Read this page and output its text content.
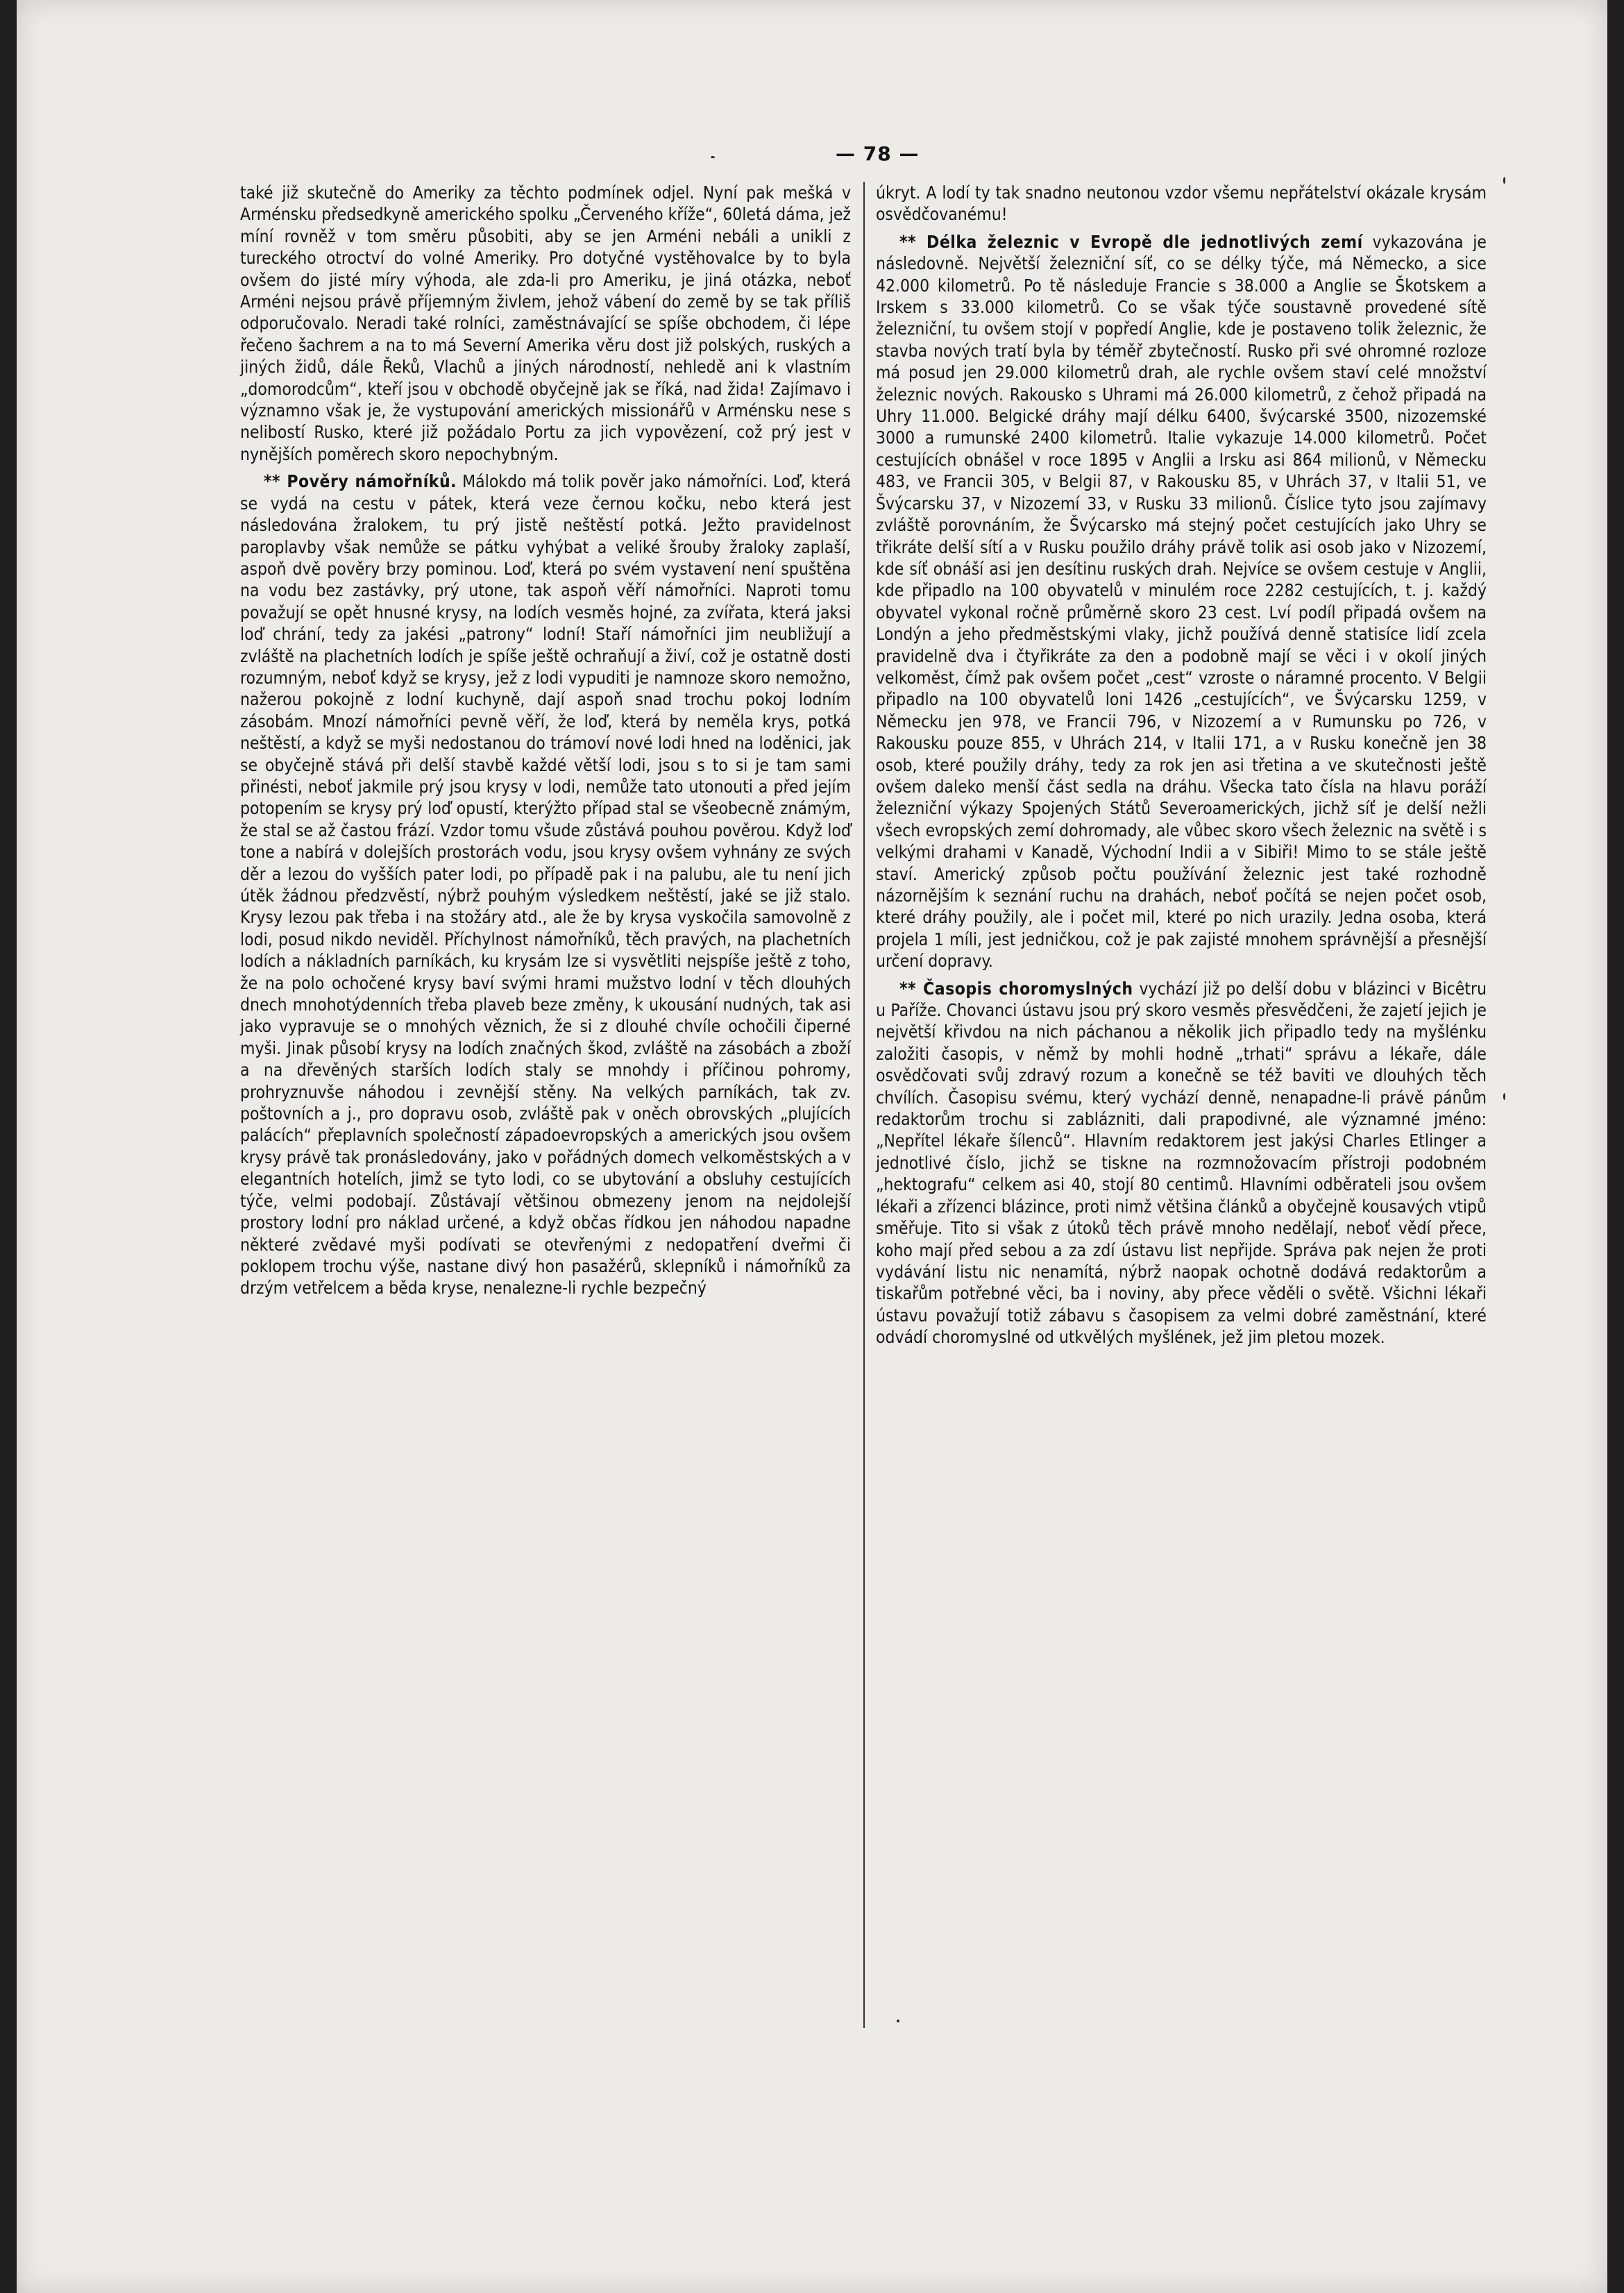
— 78 —

také již skutečně do Ameriky za těchto podmínek odjel. Nyní pak mešká v Arménsku předsedkyně amerického spolku „Červeného kříže“, 60letá dáma, jež míní rovněž v tom směru působiti, aby se jen Arméni nebáli a unikli z tureckého otroctví do volné Ameriky. Pro dotyčné vystěhovalce by to byla ovšem do jisté míry výhoda, ale zda-li pro Ameriku, je jiná otázka, neboť Arméni nejsou právě příjemným živlem, jehož vábení do země by se tak příliš odporučovalo. Neradi také rolníci, zaměstnávající se spíše obchodem, či lépe řečeno šachrem a na to má Severní Amerika věru dost již polských, ruských a jiných židů, dále Řeků, Vlachů a jiných národností, nehledě ani k vlastním „domorodcům“, kteří jsou v obchodě obyčejně jak se říká, nad žida! Zajímavo i významno však je, že vystupování amerických missionářů v Arménsku nese s nelibostí Rusko, které již požádalo Portu za jich vypovězení, což prý jest v nynějších poměrech skoro nepochybným.

** Pověry námořníků. Málokdo má tolik pověr jako námořníci. Loď, která se vydá na cestu v pátek, která veze černou kočku, nebo která jest následována žralokem, tu prý jistě neštěstí potká. Ježto pravidelnost paroplavby však nemůže se pátku vyhýbat a veliké šrouby žraloky zaplaší, aspoň dvě pověry brzy pominou. Loď, která po svém vystavení není spuštěna na vodu bez zastávky, prý utone, tak aspoň věří námořníci. Naproti tomu považují se opět hnusné krysy, na lodích vesměs hojné, za zvířata, která jaksi loď chrání, tedy za jakési „patrony“ lodní! Staří námořníci jim neubližují a zvláště na plachetních lodích je spíše ještě ochraňují a živí, což je ostatně dosti rozumným, neboť když se krysy, jež z lodi vypuditi je namnoze skoro nemožno, nažerou pokojně z lodní kuchyně, dají aspoň snad trochu pokoj lodním zásobám. Mnozí námořníci pevně věří, že loď, která by neměla krys, potká neštěstí, a když se myši nedostanou do trámoví nové lodi hned na loděnici, jak se obyčejně stává při delší stavbě každé větší lodi, jsou s to si je tam sami přinésti, neboť jakmile prý jsou krysy v lodi, nemůže tato utonouti a před jejím potopením se krysy prý loď opustí, kterýžto případ stal se všeobecně známým, že stal se až častou frází. Vzdor tomu všude zůstává pouhou pověrou. Když loď tone a nabírá v dolejších prostorách vodu, jsou krysy ovšem vyhnány ze svých děr a lezou do vyšších pater lodi, po případě pak i na palubu, ale tu není jich útěk žádnou předzvěstí, nýbrž pouhým výsledkem neštěstí, jaké se již stalo. Krysy lezou pak třeba i na stožáry atd., ale že by krysa vyskočila samovolně z lodi, posud nikdo neviděl. Příchylnost námořníků, těch pravých, na plachetních lodích a nákladních parníkách, ku krysám lze si vysvětliti nejspíše ještě z toho, že na polo ochočené krysy baví svými hrami mužstvo lodní v těch dlouhých dnech mnohotýdenních třeba plaveb beze změny, k ukousání nudných, tak asi jako vypravuje se o mnohých věznich, že si z dlouhé chvíle ochočili čiperné myši. Jinak působí krysy na lodích značných škod, zvláště na zásobách a zboží a na dřevěných starších lodích staly se mnohdy i příčinou pohromy, prohryznuvše náhodou i zevnější stěny. Na velkých parníkách, tak zv. poštovních a j., pro dopravu osob, zvláště pak v oněch obrovských „plujících palácích“ přeplavních společností západoevropských a amerických jsou ovšem krysy právě tak pronásledovány, jako v pořádných domech velkoměstských a v elegantních hotelích, jimž se tyto lodi, co se ubytování a obsluhy cestujících týče, velmi podobají. Zůstávají většinou obmezeny jenom na nejdolejší prostory lodní pro náklad určené, a když občas řídkou jen náhodou napadne některé zvědavé myši podívati se otevřenými z nedopatření dveřmi či poklopem trochu výše, nastane divý hon pasažérů, sklepníků i námořníků za drzým vetřelcem a běda kryse, nenalezne-li rychle bezpečný

úkryt. A lodí ty tak snadno neutonou vzdor všemu nepřátelství okázale krysám osvědčovanému!

** Délka železnic v Evropě dle jednotlivých zemí vykazována je následovně. Největší železniční síť, co se délky týče, má Německo, a sice 42.000 kilometrů. Po tě následuje Francie s 38.000 a Anglie se Škotskem a Irskem s 33.000 kilometrů. Co se však týče soustavně provedené sítě železniční, tu ovšem stojí v popředí Anglie, kde je postaveno tolik železnic, že stavba nových tratí byla by téměř zbytečností. Rusko při své ohromné rozloze má posud jen 29.000 kilometrů drah, ale rychle ovšem staví celé množství železnic nových. Rakousko s Uhrami má 26.000 kilometrů, z čehož připadá na Uhry 11.000. Belgické dráhy mají délku 6400, švýcarské 3500, nizozemské 3000 a rumunské 2400 kilometrů. Italie vykazuje 14.000 kilometrů. Počet cestujících obnášel v roce 1895 v Anglii a Irsku asi 864 milionů, v Německu 483, ve Francii 305, v Belgii 87, v Rakousku 85, v Uhrách 37, v Italii 51, ve Švýcarsku 37, v Nizozemí 33, v Rusku 33 milionů. Číslice tyto jsou zajímavy zvláště porovnáním, že Švýcarsko má stejný počet cestujících jako Uhry se třikráte delší sítí a v Rusku použilo dráhy právě tolik asi osob jako v Nizozemí, kde síť obnáší asi jen desítinu ruských drah. Nejvíce se ovšem cestuje v Anglii, kde připadlo na 100 obyvatelů v minulém roce 2282 cestujících, t. j. každý obyvatel vykonal ročně průměrně skoro 23 cest. Lví podíl připadá ovšem na Londýn a jeho předměstskými vlaky, jichž používá denně statisíce lidí zcela pravidelně dva i čtyřikráte za den a podobně mají se věci i v okolí jiných velkoměst, čímž pak ovšem počet „cest“ vzroste o náramné procento. V Belgii připadlo na 100 obyvatelů loni 1426 „cestujících“, ve Švýcarsku 1259, v Německu jen 978, ve Francii 796, v Nizozemí a v Rumunsku po 726, v Rakousku pouze 855, v Uhrách 214, v Italii 171, a v Rusku konečně jen 38 osob, které použily dráhy, tedy za rok jen asi třetina a ve skutečnosti ještě ovšem daleko menší část sedla na dráhu. Všecka tato čísla na hlavu poráží železniční výkazy Spojených Států Severoamerických, jichž síť je delší nežli všech evropských zemí dohromady, ale vůbec skoro všech železnic na světě i s velkými drahami v Kanadě, Východní Indii a v Sibiři! Mimo to se stále ještě staví. Americký způsob počtu používání železnic jest také rozhodně názornějším k seznání ruchu na drahách, neboť počítá se nejen počet osob, které dráhy použily, ale i počet mil, které po nich urazily. Jedna osoba, která projela 1 míli, jest jedničkou, což je pak zajisté mnohem správnější a přesnější určení dopravy.

** Časopis choromyslných vychází již po delší dobu v blázinci v Bicêtru u Paříže. Chovanci ústavu jsou prý skoro vesměs přesvědčeni, že zajetí jejich je největší křivdou na nich páchanou a několik jich připadlo tedy na myšlénku založiti časopis, v němž by mohli hodně „trhati“ správu a lékaře, dále osvědčovati svůj zdravý rozum a konečně se též baviti ve dlouhých těch chvílích. Časopisu svému, který vychází denně, nenapadne-li právě pánům redaktorům trochu si zablázniti, dali prapodivné, ale významné jméno: „Nepřítel lékaře šílenců“. Hlavním redaktorem jest jakýsi Charles Etlinger a jednotlivé číslo, jichž se tiskne na rozmnožovacím přístroji podobném „hektografu“ celkem asi 40, stojí 80 centimů. Hlavními odběrateli jsou ovšem lékaři a zřízenci blázince, proti nimž většina článků a obyčejně kousavých vtipů směřuje. Tito si však z útoků těch právě mnoho nedělají, neboť vědí přece, koho mají před sebou a za zdí ústavu list nepřijde. Správa pak nejen že proti vydávání listu nic nenamítá, nýbrž naopak ochotně dodává redaktorům a tiskařům potřebné věci, ba i noviny, aby přece věděli o světě. Všichni lékaři ústavu považují totiž zábavu s časopisem za velmi dobré zaměstnání, které odvádí choromyslné od utkvělých myšlének, jež jim pletou mozek.
